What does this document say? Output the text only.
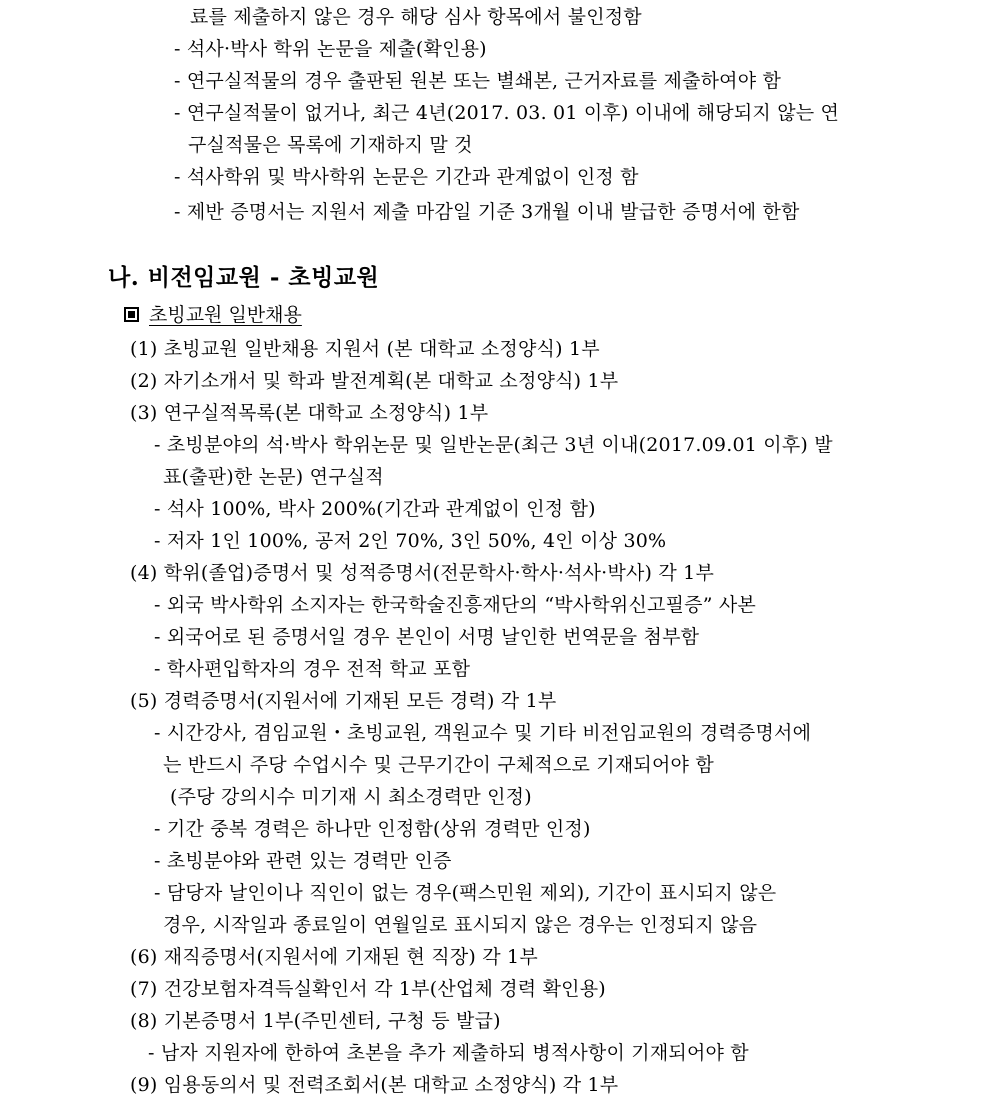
료를 제출하지 않은 경우 해당 심사 항목에서 불인정함
- 석사·박사 학위 논문을 제출(확인용)
- 연구실적물의 경우 출판된 원본 또는 별쇄본, 근거자료를 제출하여야 함
- 연구실적물이 없거나, 최근 4년(2017. 03. 01 이후) 이내에 해당되지 않는 연
구실적물은 목록에 기재하지 말 것
- 석사학위 및 박사학위 논문은 기간과 관계없이 인정 함
- 제반 증명서는 지원서 제출 마감일 기준 3개월 이내 발급한 증명서에 한함
나. 비전임교원 - 초빙교원
초빙교원 일반채용
(1) 초빙교원 일반채용 지원서 (본 대학교 소정양식) 1부
(2) 자기소개서 및 학과 발전계획(본 대학교 소정양식) 1부
(3) 연구실적목록(본 대학교 소정양식) 1부
- 초빙분야의 석·박사 학위논문 및 일반논문(최근 3년 이내(2017.09.01 이후) 발
표(출판)한 논문) 연구실적
- 석사 100%, 박사 200%(기간과 관계없이 인정 함)
- 저자 1인 100%, 공저 2인 70%, 3인 50%, 4인 이상 30%
(4) 학위(졸업)증명서 및 성적증명서(전문학사·학사·석사·박사) 각 1부
- 외국 박사학위 소지자는 한국학술진흥재단의 “박사학위신고필증” 사본
- 외국어로 된 증명서일 경우 본인이 서명 날인한 번역문을 첨부함
- 학사편입학자의 경우 전적 학교 포함
(5) 경력증명서(지원서에 기재된 모든 경력) 각 1부
- 시간강사, 겸임교원・초빙교원, 객원교수 및 기타 비전임교원의 경력증명서에
는 반드시 주당 수업시수 및 근무기간이 구체적으로 기재되어야 함
(주당 강의시수 미기재 시 최소경력만 인정)
- 기간 중복 경력은 하나만 인정함(상위 경력만 인정)
- 초빙분야와 관련 있는 경력만 인증
- 담당자 날인이나 직인이 없는 경우(팩스민원 제외), 기간이 표시되지 않은
경우, 시작일과 종료일이 연월일로 표시되지 않은 경우는 인정되지 않음
(6) 재직증명서(지원서에 기재된 현 직장) 각 1부
(7) 건강보험자격득실확인서 각 1부(산업체 경력 확인용)
(8) 기본증명서 1부(주민센터, 구청 등 발급)
- 남자 지원자에 한하여 초본을 추가 제출하되 병적사항이 기재되어야 함
(9) 임용동의서 및 전력조회서(본 대학교 소정양식) 각 1부
